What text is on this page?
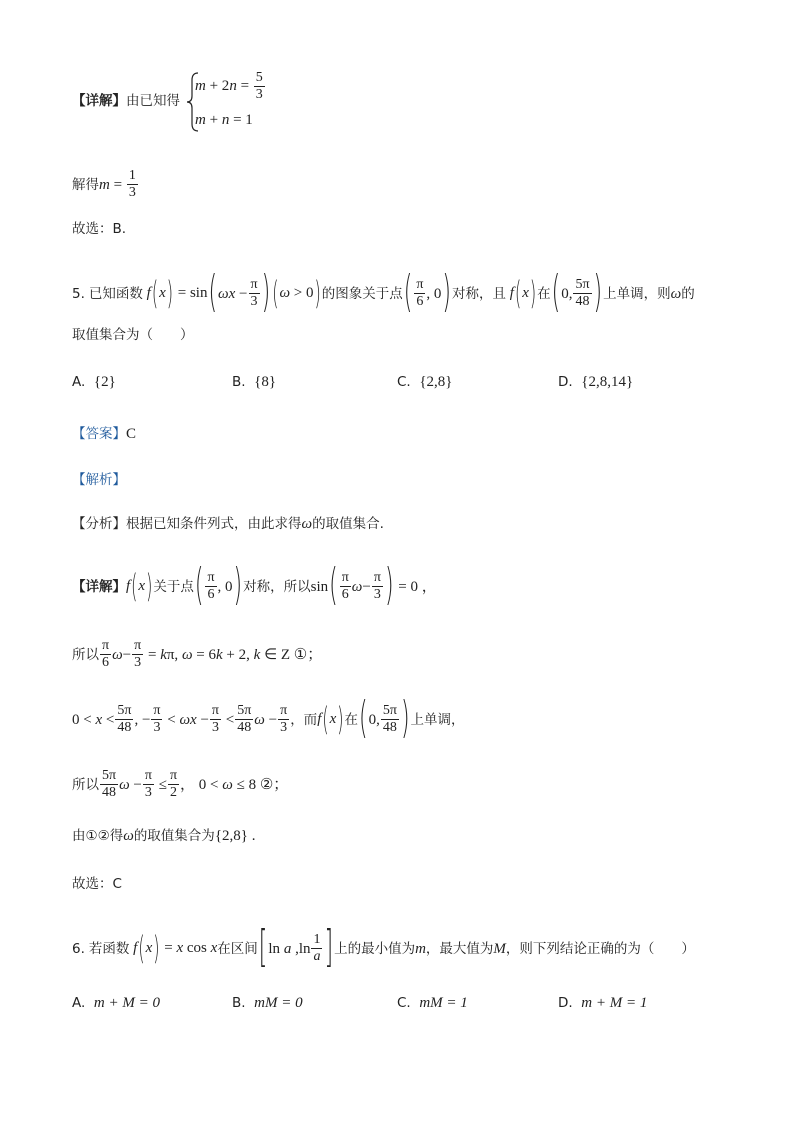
【详解】由已知得
m + 2 $n = \frac{5}{3}$
m + n = 1
解得 $m = \frac{1}{3}$
故选：B.
5. 已知函数 f(x) = sin ( $\omega x - \frac{\pi}{3}$ ) (ω > 0) 的图象关于点 ( $\frac{\pi}{6}$ , 0 ) 对称，且 f(x) 在 ( 0, $\frac{5\pi}{48}$ ) 上单调，则 ω 的
取值集合为（　　）
A. {2}	B. {8}	C. {2,8}	D. {2,8,14}
【答案】C
【解析】
【分析】根据已知条件列式，由此求得ω的取值集合.
【详解】 f(x) 关于点 ( $\frac{\pi}{6}$ , 0 ) 对称，所以 sin ( $\frac{\pi}{6}$ $\omega - \frac{\pi}{3}$ ) = 0 ，
所以 $\frac{\pi}{6} \omega- \frac{\pi}{3} = k\pi$, ω = 6k + 2, k ∈ Z ①；
$0 < x < \frac{5\pi}{48}$ , − $\frac{\pi}{3} < \omega x - \frac{\pi}{3} < \frac{5\pi}{48}$ $\omega - \frac{\pi}{3}$ ，而 f(x) 在 ( 0, $\frac{5\pi}{48}$ ) 上单调，
所以 $\frac{5\pi}{48}$ $\omega - \frac{\pi}{3} \le \frac{\pi}{2}$ ， 0 < ω ≤ 8 ②；
由①②得 ω 的取值集合为 {2,8} .
故选：C
6. 若函数 f(x) = x cos x 在区间 [ ln a $,\ln \frac{1}{a}$ ] 上的最小值为 m ，最大值为 M ，则下列结论正确的为（　　）
A. m + M = 0	B. mM = 0	C. mM = 1	D. m + M = 1
